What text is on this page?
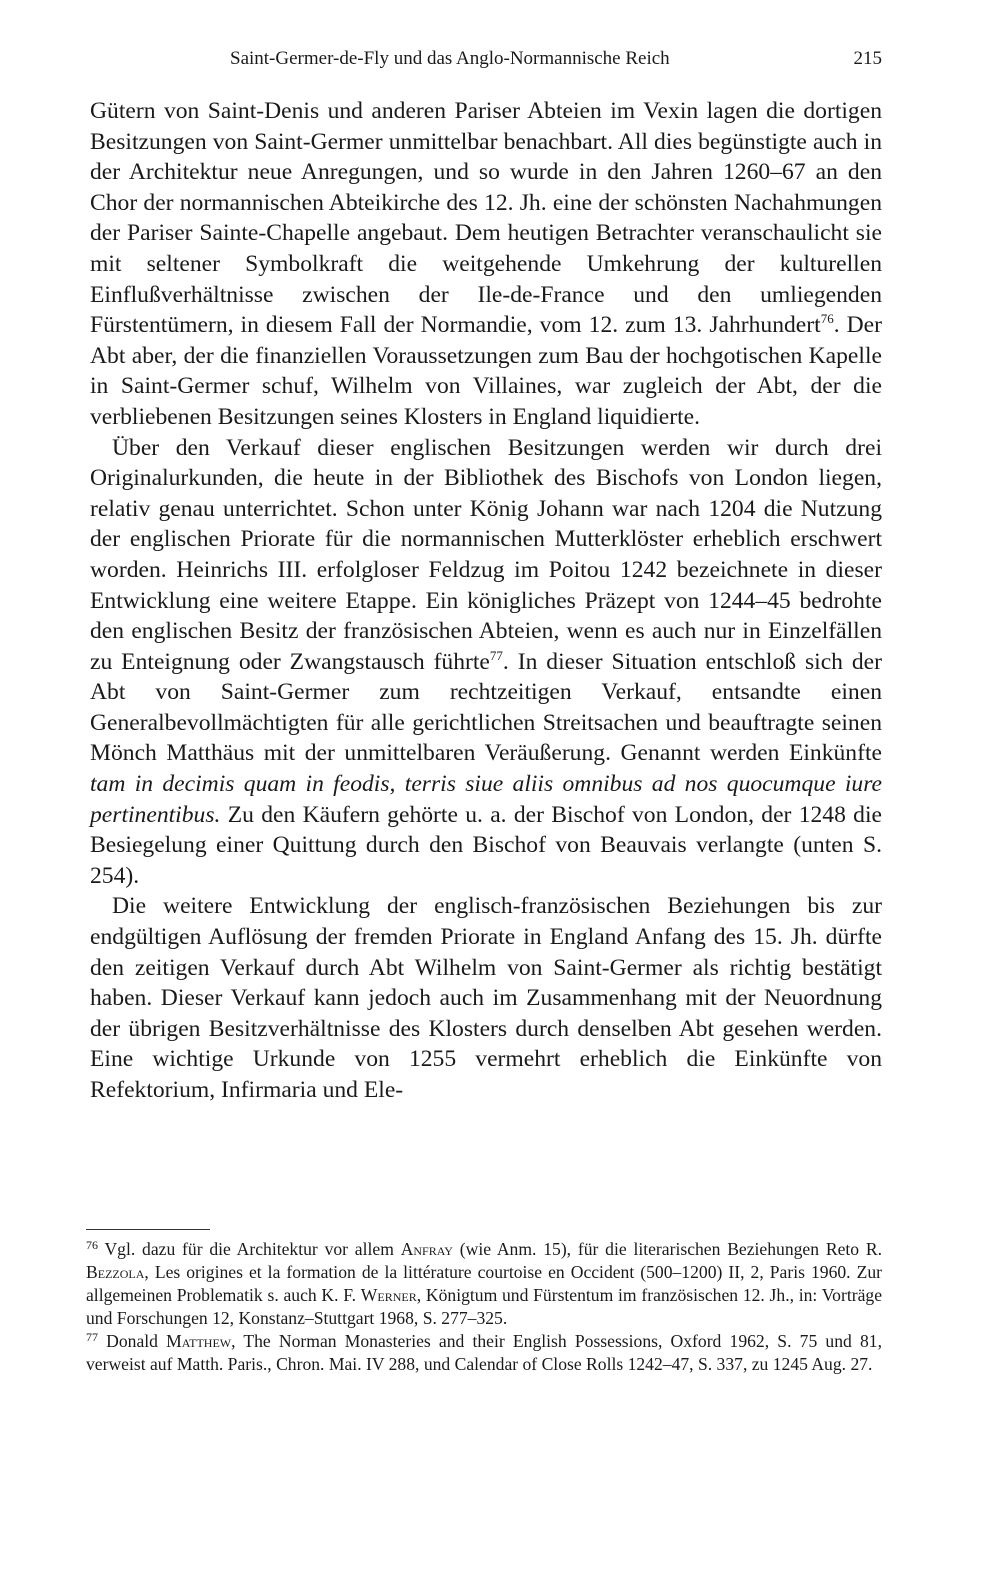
Saint-Germer-de-Fly und das Anglo-Normannische Reich	215

Gütern von Saint-Denis und anderen Pariser Abteien im Vexin lagen die dortigen Besitzungen von Saint-Germer unmittelbar benachbart. All dies begünstigte auch in der Architektur neue Anregungen, und so wurde in den Jahren 1260–67 an den Chor der normannischen Abteikirche des 12. Jh. eine der schönsten Nachahmungen der Pariser Sainte-Chapelle angebaut. Dem heutigen Betrachter veranschaulicht sie mit seltener Symbolkraft die weitgehende Umkehrung der kulturellen Einflußverhältnisse zwischen der Ile-de-France und den umliegenden Fürstentümern, in diesem Fall der Normandie, vom 12. zum 13. Jahrhundert$^{76}$. Der Abt aber, der die finanziellen Voraussetzungen zum Bau der hochgotischen Kapelle in Saint-Germer schuf, Wilhelm von Villaines, war zugleich der Abt, der die verbliebenen Besitzungen seines Klosters in England liquidierte.

Über den Verkauf dieser englischen Besitzungen werden wir durch drei Originalurkunden, die heute in der Bibliothek des Bischofs von London liegen, relativ genau unterrichtet. Schon unter König Johann war nach 1204 die Nutzung der englischen Priorate für die normannischen Mutterklöster erheblich erschwert worden. Heinrichs III. erfolgloser Feldzug im Poitou 1242 bezeichnete in dieser Entwicklung eine weitere Etappe. Ein königliches Präzept von 1244–45 bedrohte den englischen Besitz der französischen Abteien, wenn es auch nur in Einzelfällen zu Enteignung oder Zwangstausch führte$^{77}$. In dieser Situation entschloß sich der Abt von Saint-Germer zum rechtzeitigen Verkauf, entsandte einen Generalbevollmächtigten für alle gerichtlichen Streitsachen und beauftragte seinen Mönch Matthäus mit der unmittelbaren Veräußerung. Genannt werden Einkünfte tam in decimis quam in feodis, terris siue aliis omnibus ad nos quocumque iure pertinentibus. Zu den Käufern gehörte u. a. der Bischof von London, der 1248 die Besiegelung einer Quittung durch den Bischof von Beauvais verlangte (unten S. 254).

Die weitere Entwicklung der englisch-französischen Beziehungen bis zur endgültigen Auflösung der fremden Priorate in England Anfang des 15. Jh. dürfte den zeitigen Verkauf durch Abt Wilhelm von Saint-Germer als richtig bestätigt haben. Dieser Verkauf kann jedoch auch im Zusammenhang mit der Neuordnung der übrigen Besitzverhältnisse des Klosters durch denselben Abt gesehen werden. Eine wichtige Urkunde von 1255 vermehrt erheblich die Einkünfte von Refektorium, Infirmaria und Ele-

$^{76}$ Vgl. dazu für die Architektur vor allem Anfray (wie Anm. 15), für die literarischen Beziehungen Reto R. Bezzola, Les origines et la formation de la littérature courtoise en Occident (500–1200) II, 2, Paris 1960. Zur allgemeinen Problematik s. auch K. F. Werner, Königtum und Fürstentum im französischen 12. Jh., in: Vorträge und Forschungen 12, Konstanz–Stuttgart 1968, S. 277–325.

$^{77}$ Donald Matthew, The Norman Monasteries and their English Possessions, Oxford 1962, S. 75 und 81, verweist auf Matth. Paris., Chron. Mai. IV 288, und Calendar of Close Rolls 1242–47, S. 337, zu 1245 Aug. 27.
